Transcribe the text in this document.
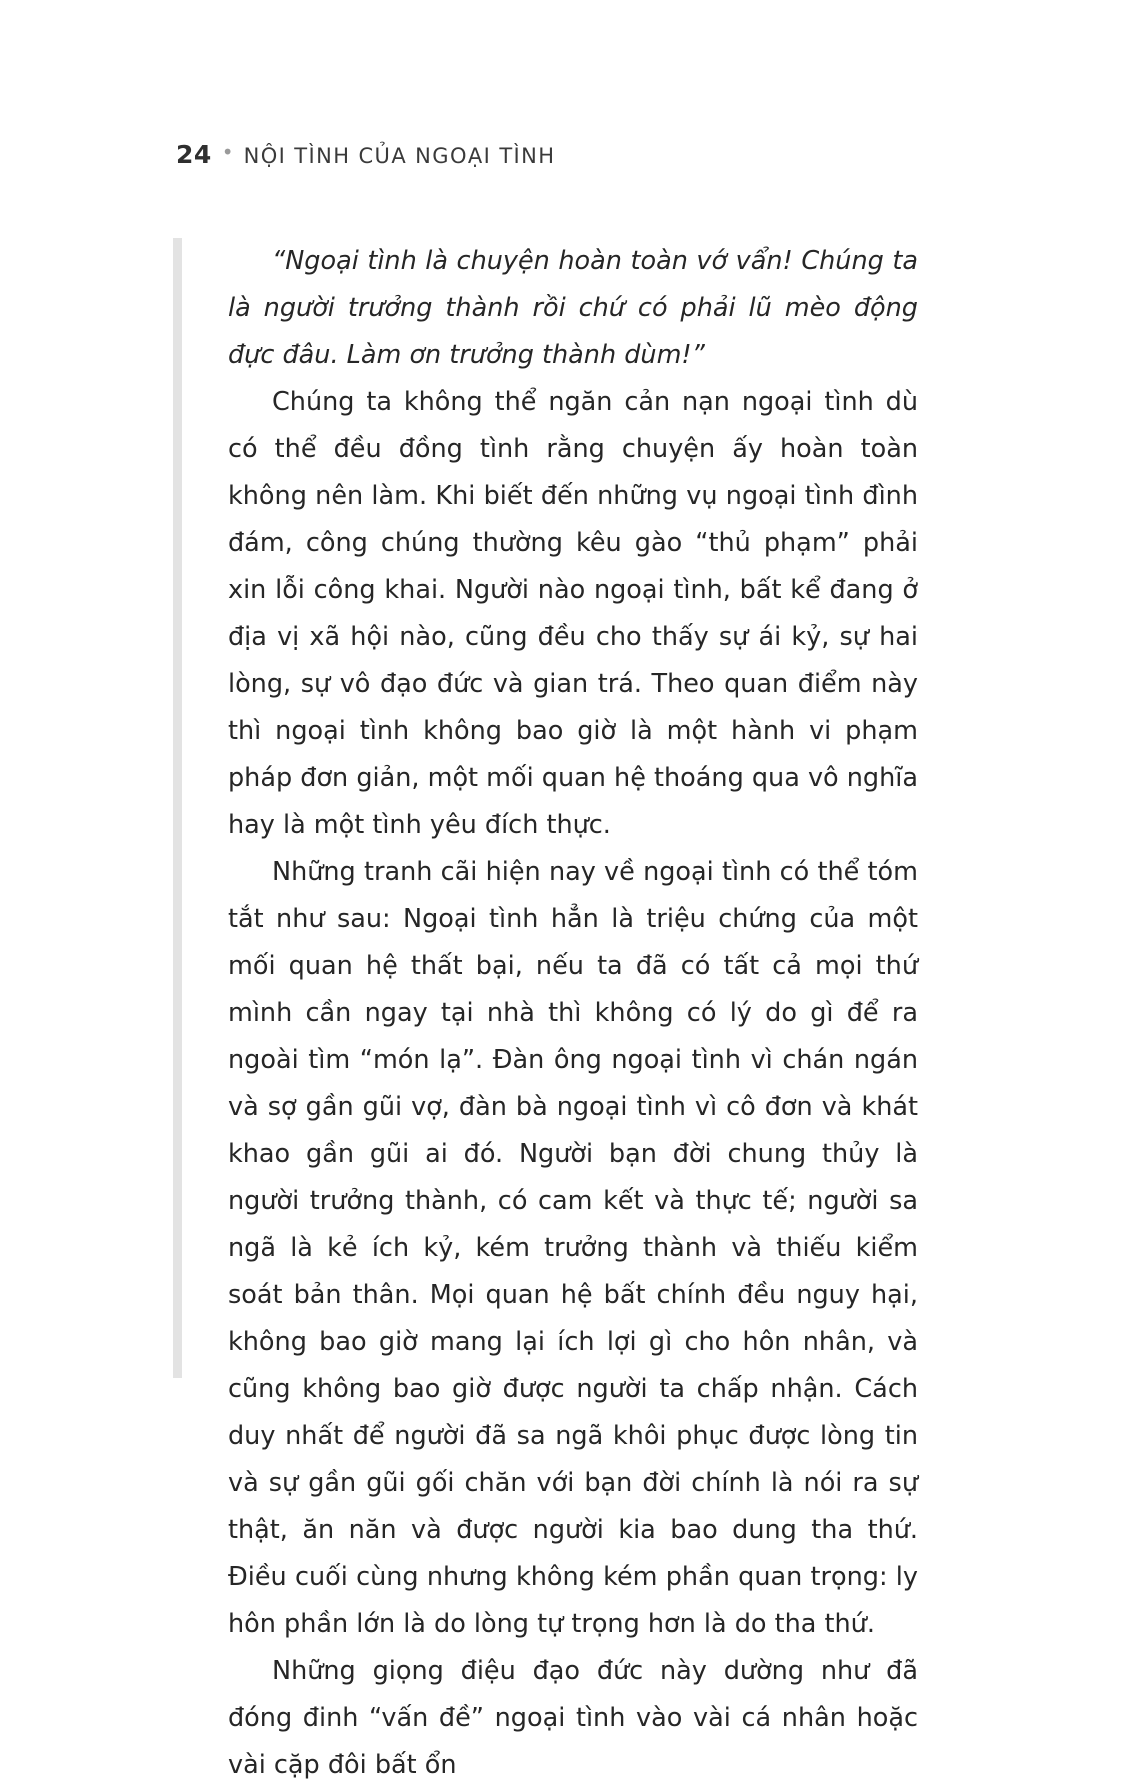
24 • NỘI TÌNH CỦA NGOẠI TÌNH

“Ngoại tình là chuyện hoàn toàn vớ vẩn! Chúng ta là người trưởng thành rồi chứ có phải lũ mèo động đực đâu. Làm ơn trưởng thành dùm!”

Chúng ta không thể ngăn cản nạn ngoại tình dù có thể đều đồng tình rằng chuyện ấy hoàn toàn không nên làm. Khi biết đến những vụ ngoại tình đình đám, công chúng thường kêu gào “thủ phạm” phải xin lỗi công khai. Người nào ngoại tình, bất kể đang ở địa vị xã hội nào, cũng đều cho thấy sự ái kỷ, sự hai lòng, sự vô đạo đức và gian trá. Theo quan điểm này thì ngoại tình không bao giờ là một hành vi phạm pháp đơn giản, một mối quan hệ thoáng qua vô nghĩa hay là một tình yêu đích thực.

Những tranh cãi hiện nay về ngoại tình có thể tóm tắt như sau: Ngoại tình hẳn là triệu chứng của một mối quan hệ thất bại, nếu ta đã có tất cả mọi thứ mình cần ngay tại nhà thì không có lý do gì để ra ngoài tìm “món lạ”. Đàn ông ngoại tình vì chán ngán và sợ gần gũi vợ, đàn bà ngoại tình vì cô đơn và khát khao gần gũi ai đó. Người bạn đời chung thủy là người trưởng thành, có cam kết và thực tế; người sa ngã là kẻ ích kỷ, kém trưởng thành và thiếu kiểm soát bản thân. Mọi quan hệ bất chính đều nguy hại, không bao giờ mang lại ích lợi gì cho hôn nhân, và cũng không bao giờ được người ta chấp nhận. Cách duy nhất để người đã sa ngã khôi phục được lòng tin và sự gần gũi gối chăn với bạn đời chính là nói ra sự thật, ăn năn và được người kia bao dung tha thứ. Điều cuối cùng nhưng không kém phần quan trọng: ly hôn phần lớn là do lòng tự trọng hơn là do tha thứ.

Những giọng điệu đạo đức này dường như đã đóng đinh “vấn đề” ngoại tình vào vài cá nhân hoặc vài cặp đôi bất ổn
